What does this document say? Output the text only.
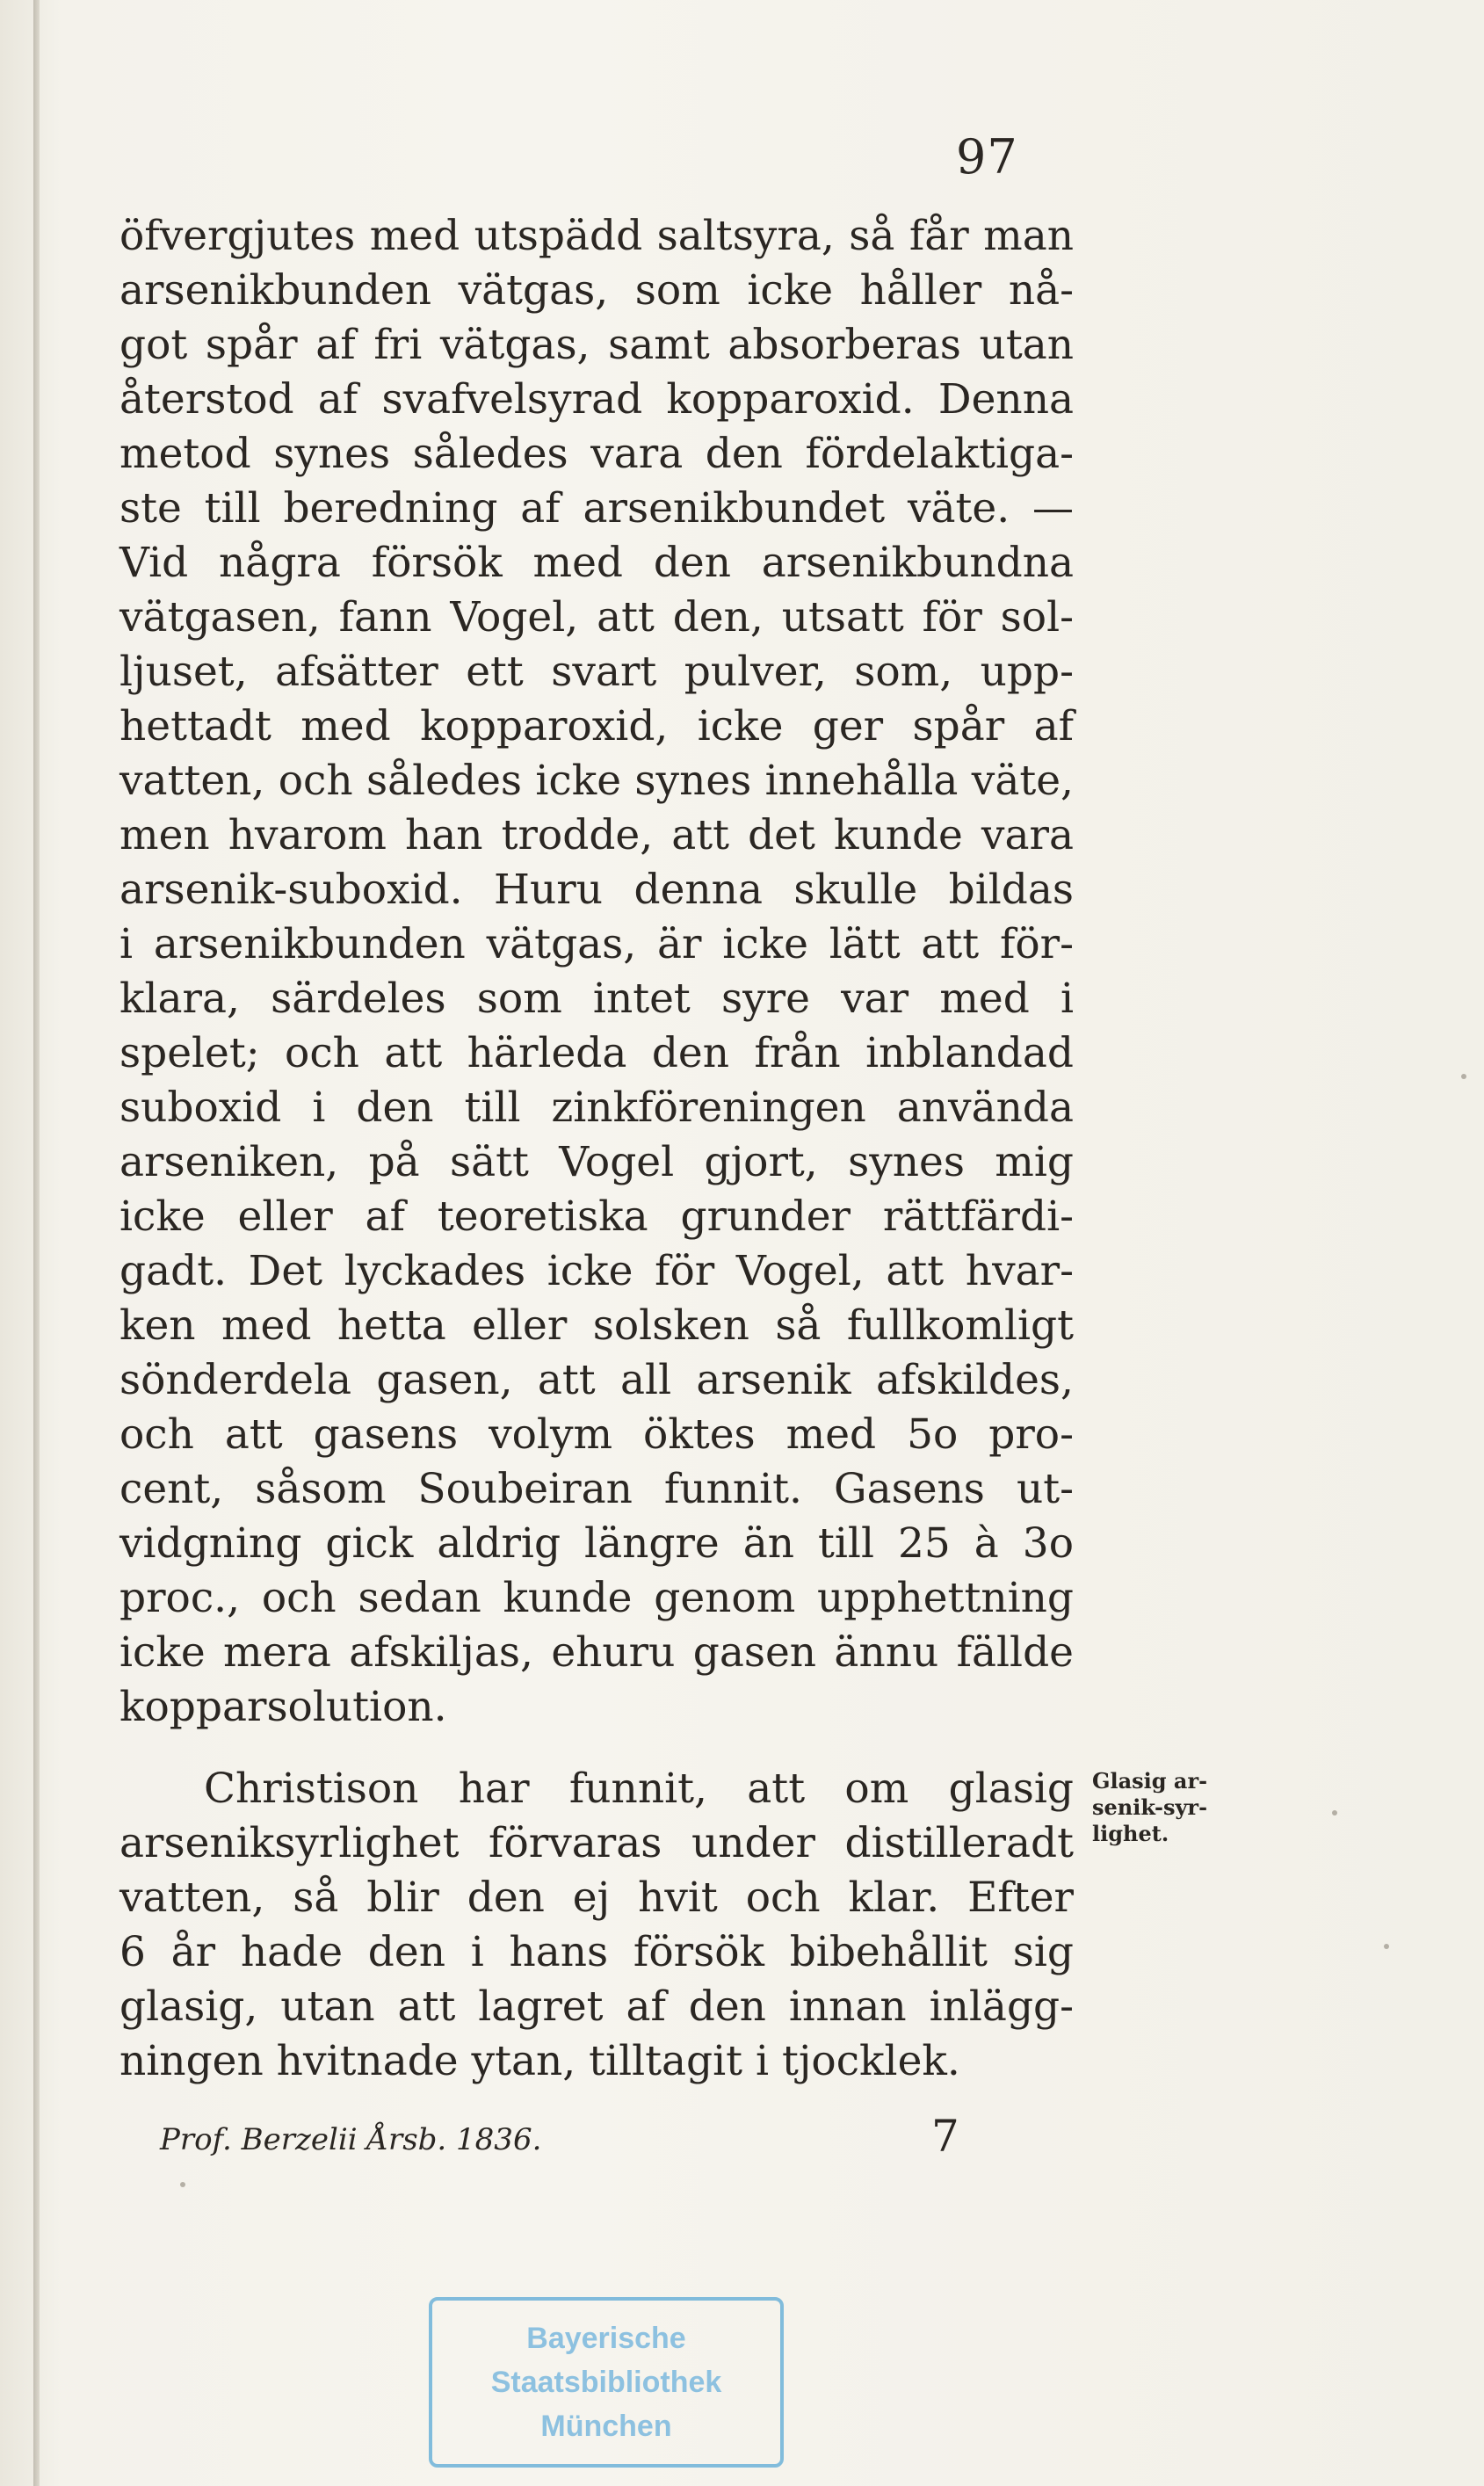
97
öfvergjutes med utspädd saltsyra, så får man
arsenikbunden vätgas, som icke håller nå-
got spår af fri vätgas, samt absorberas utan
återstod af svafvelsyrad kopparoxid. Denna
metod synes således vara den fördelaktiga-
ste till beredning af arsenikbundet väte. —
Vid några försök med den arsenikbundna
vätgasen, fann Vogel, att den, utsatt för sol-
ljuset, afsätter ett svart pulver, som, upp-
hettadt med kopparoxid, icke ger spår af
vatten, och således icke synes innehålla väte,
men hvarom han trodde, att det kunde vara
arsenik-suboxid. Huru denna skulle bildas
i arsenikbunden vätgas, är icke lätt att för-
klara, särdeles som intet syre var med i
spelet; och att härleda den från inblandad
suboxid i den till zinkföreningen använda
arseniken, på sätt Vogel gjort, synes mig
icke eller af teoretiska grunder rättfärdi-
gadt. Det lyckades icke för Vogel, att hvar-
ken med hetta eller solsken så fullkomligt
sönderdela gasen, att all arsenik afskildes,
och att gasens volym öktes med 5o pro-
cent, såsom Soubeiran funnit. Gasens ut-
vidgning gick aldrig längre än till 25 à 3o
proc., och sedan kunde genom upphettning
icke mera afskiljas, ehuru gasen ännu fällde
kopparsolution.
Christison har funnit, att om glasig
arseniksyrlighet förvaras under distilleradt
vatten, så blir den ej hvit och klar. Efter
6 år hade den i hans försök bibehållit sig
glasig, utan att lagret af den innan inlägg-
ningen hvitnade ytan, tilltagit i tjocklek.
Glasig ar-
senik-syr-
lighet.
Prof. Berzelii Årsb. 1836.	7
Bayerische
Staatsbibliothek
München
